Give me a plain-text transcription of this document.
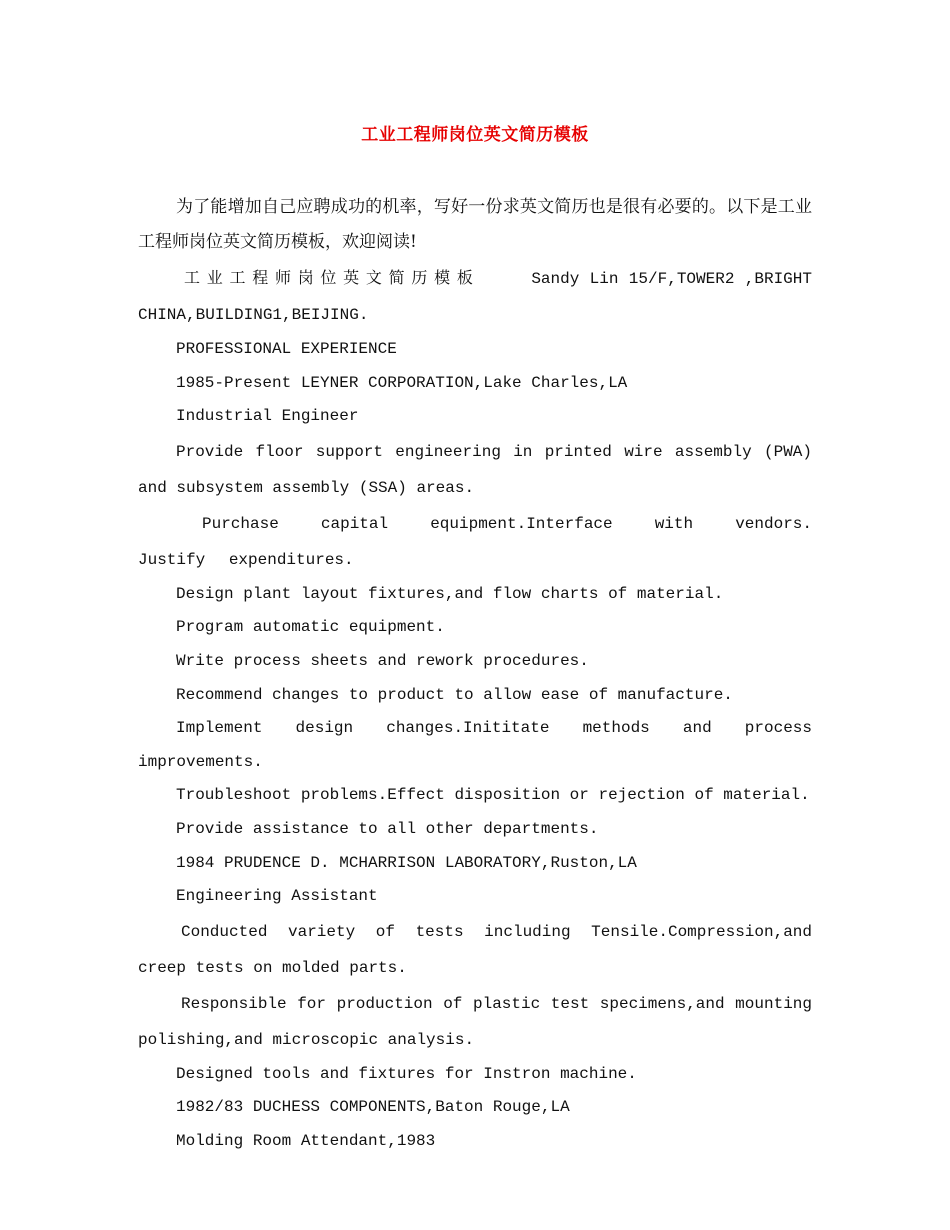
工业工程师岗位英文简历模板

为了能增加自己应聘成功的机率，写好一份求英文简历也是很有必要的。以下是工业工程师岗位英文简历模板，欢迎阅读!

工业工程师岗位英文简历模板	Sandy Lin 15/F,TOWER2 ,BRIGHT CHINA,BUILDING1,BEIJING.

PROFESSIONAL EXPERIENCE

1985-Present LEYNER CORPORATION,Lake Charles,LA

Industrial Engineer

Provide floor support engineering in printed wire assembly (PWA) and subsystem assembly (SSA) areas.

Purchase capital equipment.Interface with vendors. Justify expenditures.

Design plant layout fixtures,and flow charts of material.

Program automatic equipment.

Write process sheets and rework procedures.

Recommend changes to product to allow ease of manufacture.

Implement design changes.Inititate methods and process improvements.

Troubleshoot problems.Effect disposition or rejection of material.

Provide assistance to all other departments.

1984 PRUDENCE D. MCHARRISON LABORATORY,Ruston,LA

Engineering Assistant

Conducted variety of tests including Tensile.Compression,and creep tests on molded parts.

Responsible for production of plastic test specimens,and mounting polishing,and microscopic analysis.

Designed tools and fixtures for Instron machine.

1982/83 DUCHESS COMPONENTS,Baton Rouge,LA

Molding Room Attendant,1983
